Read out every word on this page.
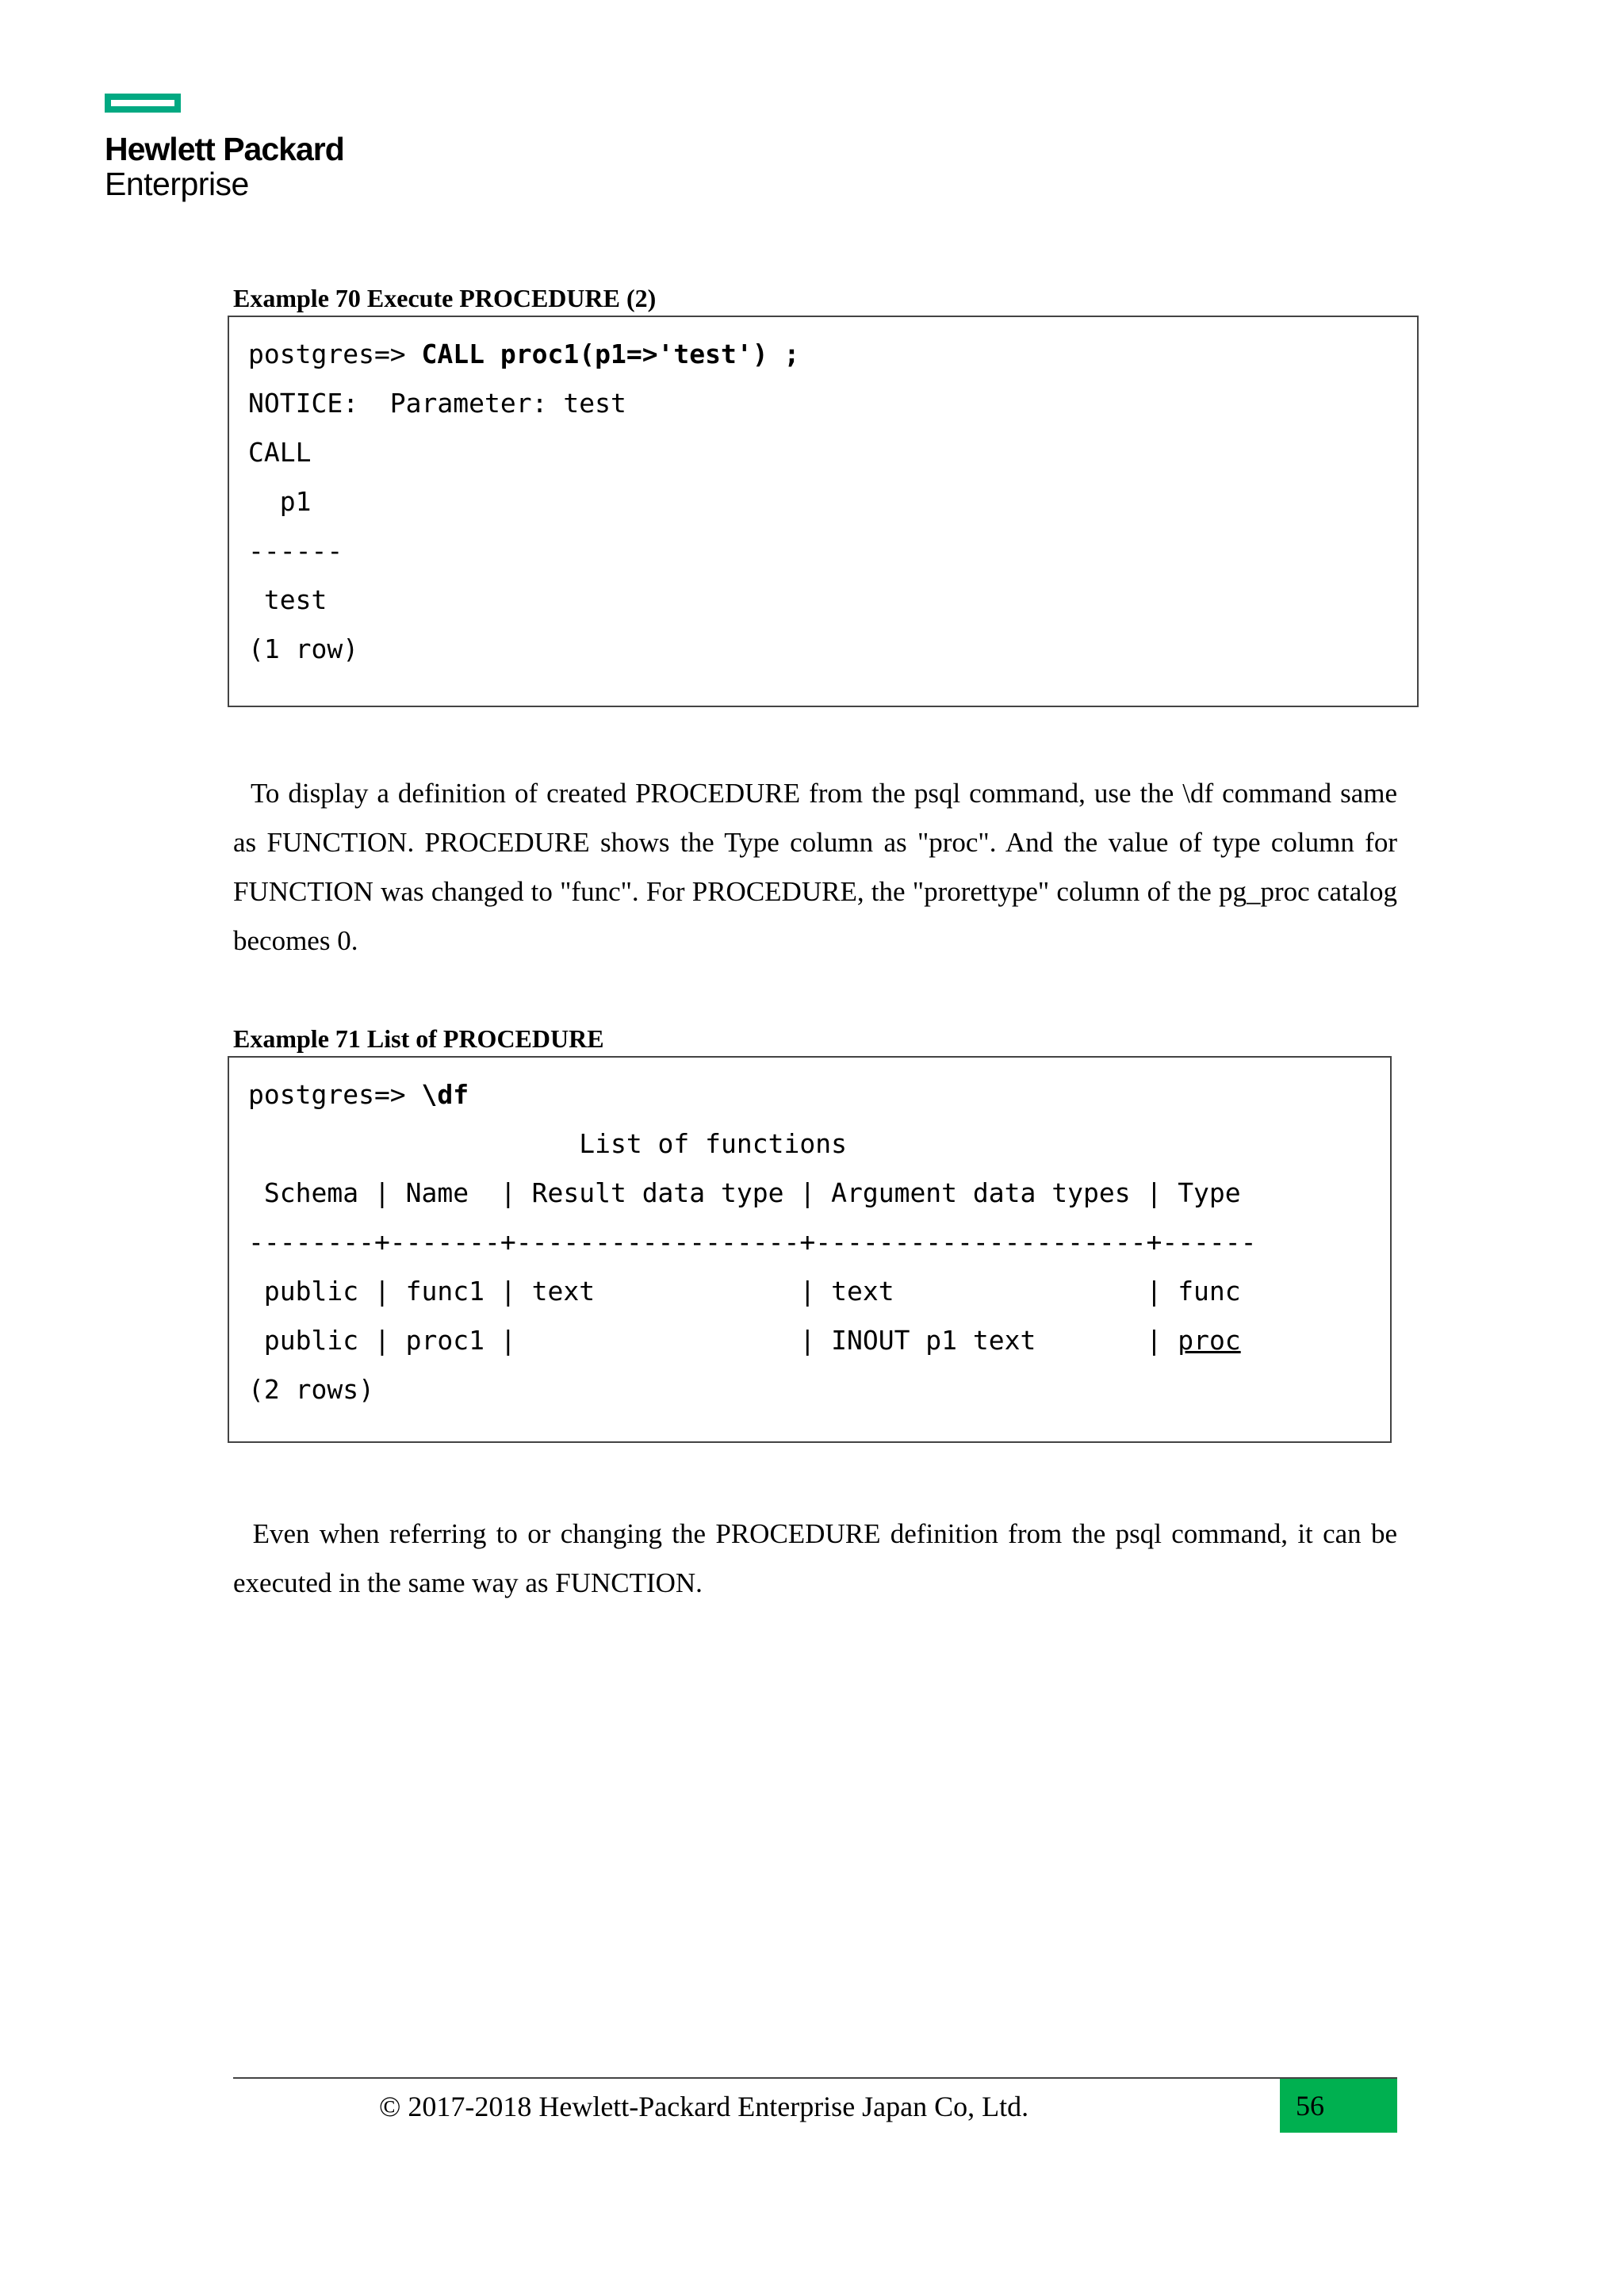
Hewlett Packard
Enterprise
Example 70 Execute PROCEDURE (2)
postgres=> CALL proc1(p1=>'test') ;
NOTICE:  Parameter: test
CALL
p1
------
test
(1 row)
To display a definition of created PROCEDURE from the psql command, use the \df command same as FUNCTION. PROCEDURE shows the Type column as "proc". And the value of type column for FUNCTION was changed to "func". For PROCEDURE, the "prorettype" column of the pg_proc catalog becomes 0.
Example 71 List of PROCEDURE
postgres=> \df
List of functions
Schema | Name  | Result data type | Argument data types | Type
--------+-------+------------------+---------------------+------
public | func1 | text             | text                | func
public | proc1 |                  | INOUT p1 text       | proc
(2 rows)
Even when referring to or changing the PROCEDURE definition from the psql command, it can be executed in the same way as FUNCTION.
© 2017-2018 Hewlett-Packard Enterprise Japan Co, Ltd.	56
